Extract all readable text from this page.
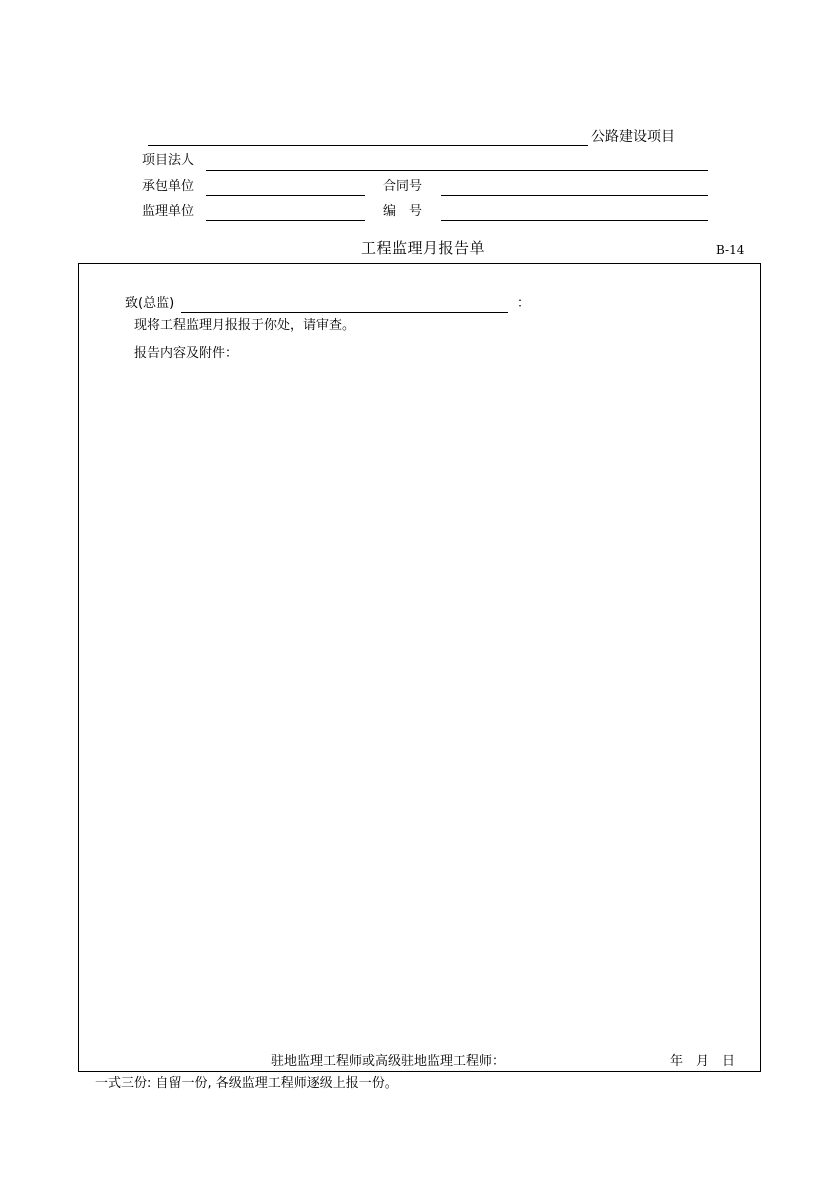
公路建设项目
项目法人
承包单位	合同号
监理单位	编　号
工程监理月报告单	B-14
致(总监)	：
现将工程监理月报报于你处，请审查。
报告内容及附件：
驻地监理工程师或高级驻地监理工程师：	年　月　日
一式三份: 自留一份, 各级监理工程师逐级上报一份。
